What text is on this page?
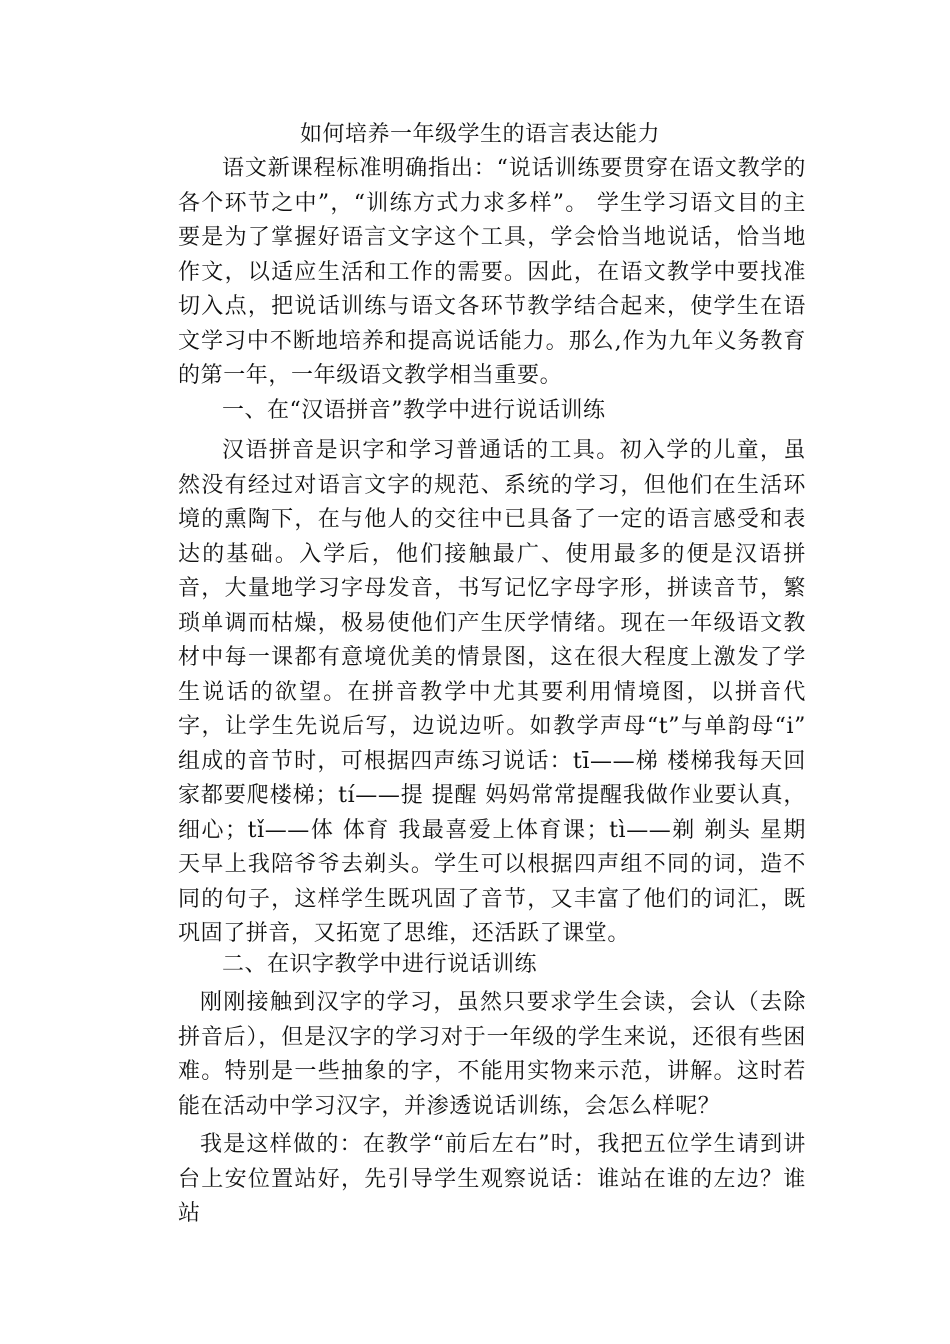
如何培养一年级学生的语言表达能力
语文新课程标准明确指出：“说话训练要贯穿在语文教学的各个环节之中”，“训练方式力求多样”。 学生学习语文目的主要是为了掌握好语言文字这个工具，学会恰当地说话，恰当地作文，以适应生活和工作的需要。因此，在语文教学中要找准切入点，把说话训练与语文各环节教学结合起来，使学生在语文学习中不断地培养和提高说话能力。那么,作为九年义务教育的第一年，一年级语文教学相当重要。
一、在“汉语拼音”教学中进行说话训练
汉语拼音是识字和学习普通话的工具。初入学的儿童，虽然没有经过对语言文字的规范、系统的学习，但他们在生活环境的熏陶下，在与他人的交往中已具备了一定的语言感受和表达的基础。入学后，他们接触最广、使用最多的便是汉语拼音，大量地学习字母发音，书写记忆字母字形，拼读音节，繁琐单调而枯燥，极易使他们产生厌学情绪。现在一年级语文教材中每一课都有意境优美的情景图，这在很大程度上激发了学生说话的欲望。在拼音教学中尤其要利用情境图，以拼音代字，让学生先说后写，边说边听。如教学声母“t”与单韵母“i” 组成的音节时，可根据四声练习说话：tī——梯 楼梯我每天回家都要爬楼梯；tí——提 提醒 妈妈常常提醒我做作业要认真，细心；tǐ——体 体育 我最喜爱上体育课；tì——剃 剃头 星期天早上我陪爷爷去剃头。学生可以根据四声组不同的词，造不同的句子，这样学生既巩固了音节，又丰富了他们的词汇，既巩固了拼音，又拓宽了思维，还活跃了课堂。
二、在识字教学中进行说话训练
刚刚接触到汉字的学习，虽然只要求学生会读，会认（去除拼音后），但是汉字的学习对于一年级的学生来说，还很有些困难。特别是一些抽象的字，不能用实物来示范，讲解。这时若能在活动中学习汉字，并渗透说话训练，会怎么样呢？
我是这样做的：在教学“前后左右”时，我把五位学生请到讲台上安位置站好，先引导学生观察说话：谁站在谁的左边？谁站
